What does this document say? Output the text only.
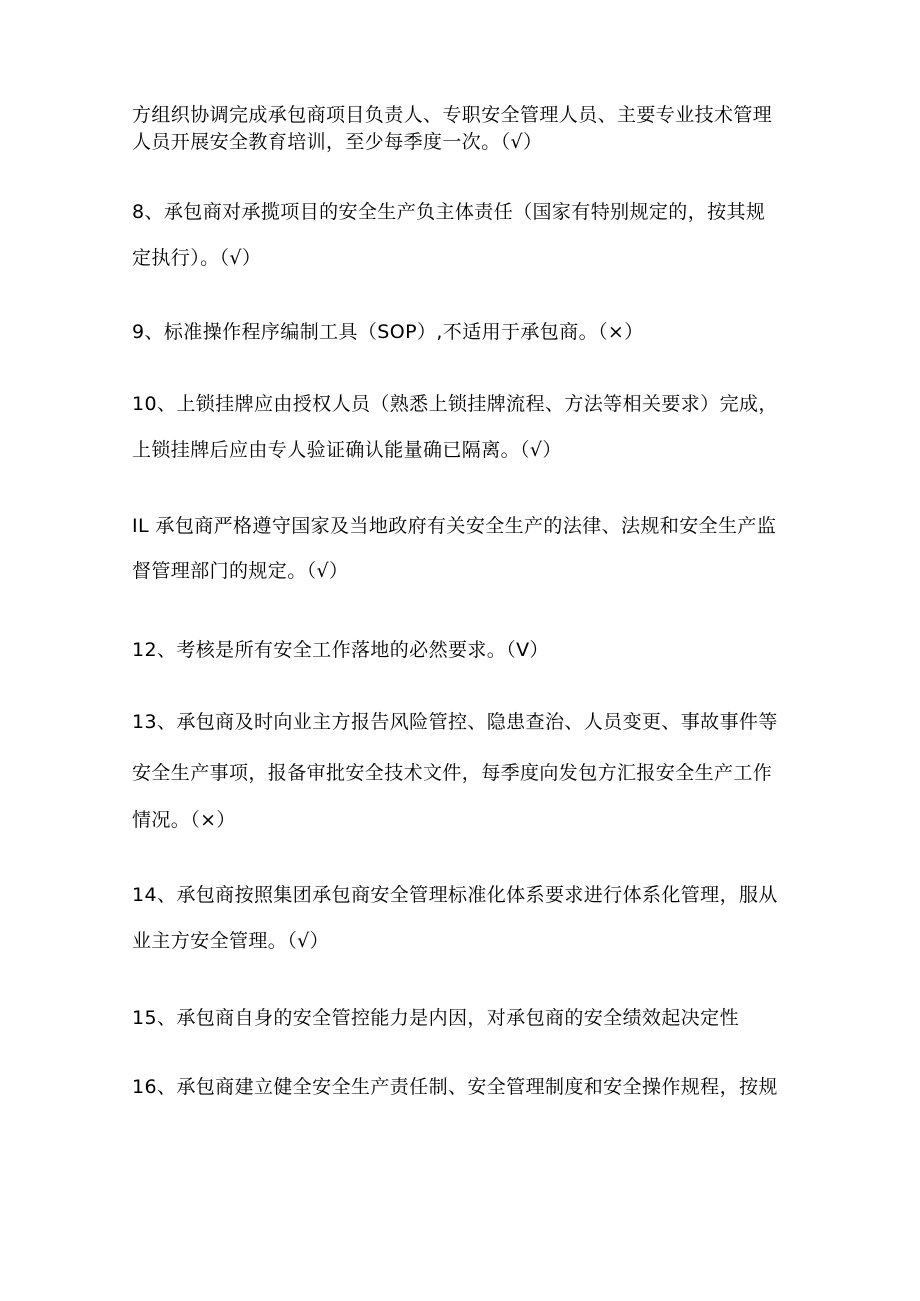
方组织协调完成承包商项目负责人、专职安全管理人员、主要专业技术管理
人员开展安全教育培训，至少每季度一次。（√）
8、承包商对承揽项目的安全生产负主体责任（国家有特别规定的，按其规
定执行）。（√）
9、标准操作程序编制工具（SOP）,不适用于承包商。（×）
10、上锁挂牌应由授权人员（熟悉上锁挂牌流程、方法等相关要求）完成，
上锁挂牌后应由专人验证确认能量确已隔离。（√）
IL 承包商严格遵守国家及当地政府有关安全生产的法律、法规和安全生产监
督管理部门的规定。（√）
12、考核是所有安全工作落地的必然要求。（V）
13、承包商及时向业主方报告风险管控、隐患查治、人员变更、事故事件等
安全生产事项，报备审批安全技术文件，每季度向发包方汇报安全生产工作
情况。（×）
14、承包商按照集团承包商安全管理标准化体系要求进行体系化管理，服从
业主方安全管理。（√）
15、承包商自身的安全管控能力是内因，对承包商的安全绩效起决定性
16、承包商建立健全安全生产责任制、安全管理制度和安全操作规程，按规
